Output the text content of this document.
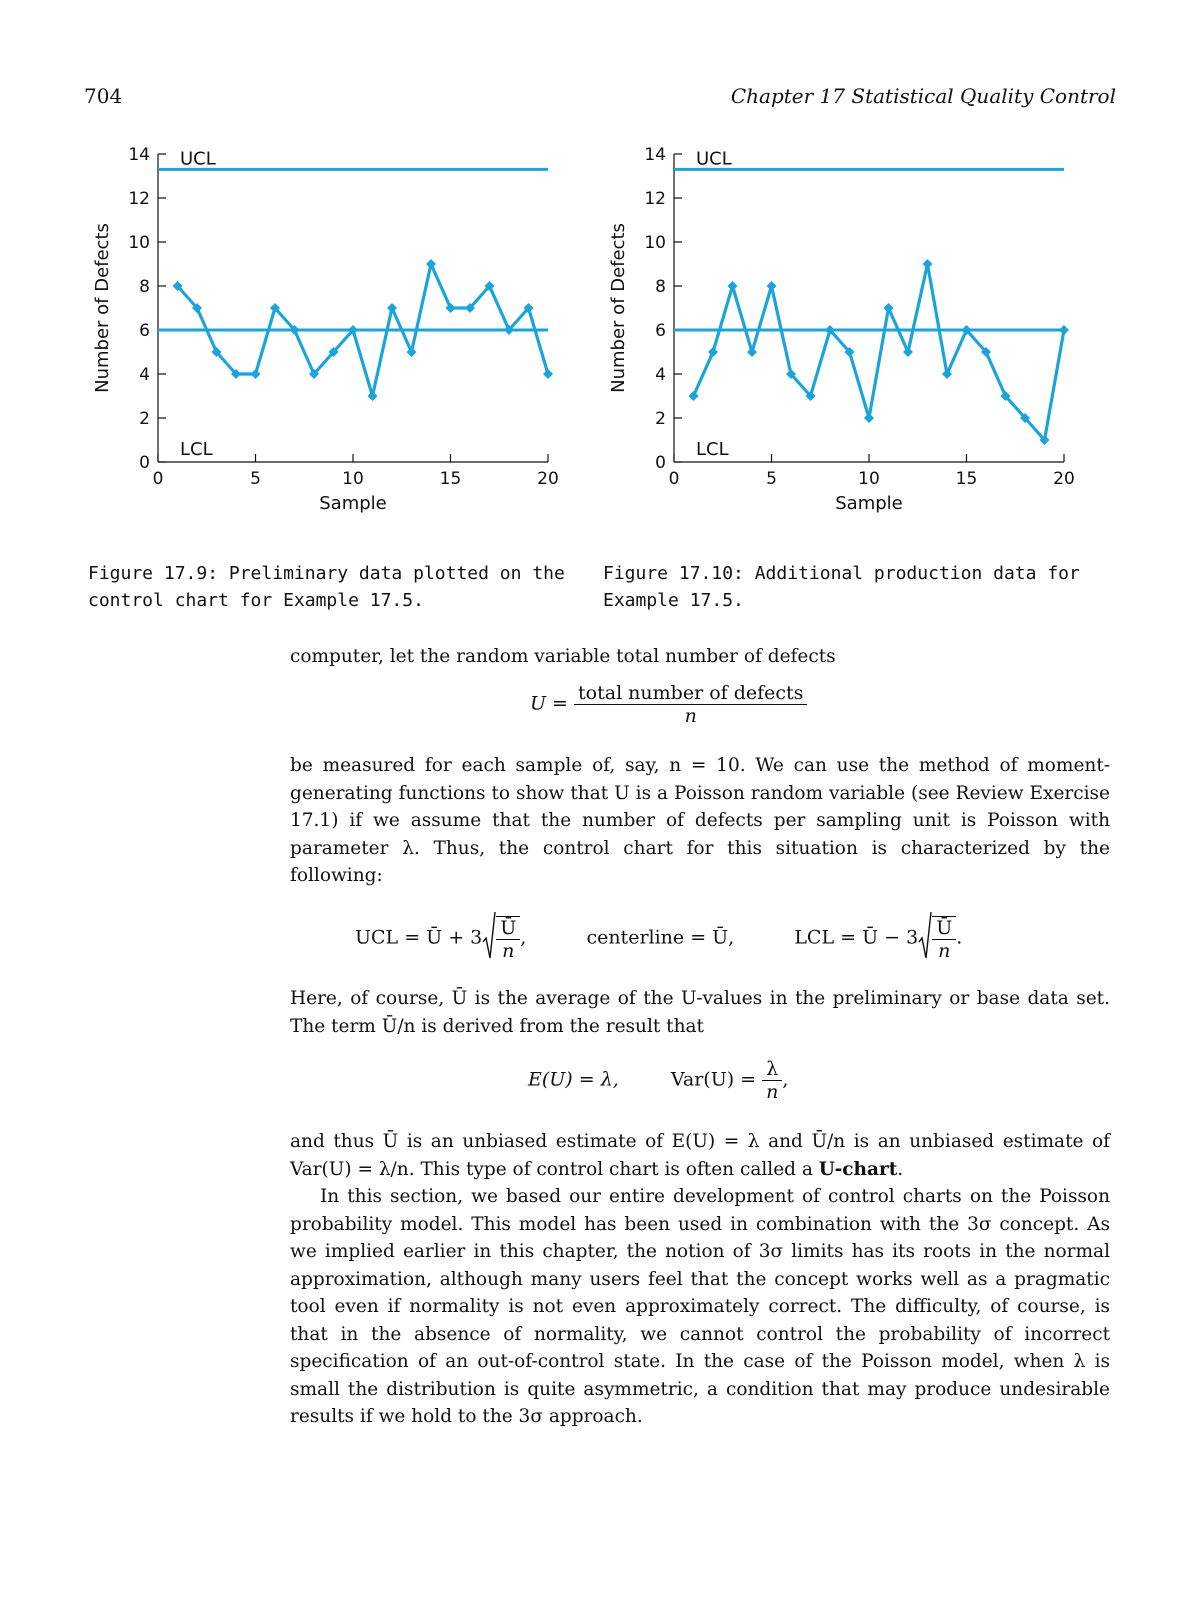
704	Chapter 17 Statistical Quality Control
0
2
4
6
8
10
12
14
0	5	10	15	20
Sample
Number of Defects
UCL
LCL
0
2
4
6
8
10
12
14
0	5	10	15	20
Sample
Number of Defects
UCL
LCL
Figure 17.9: Preliminary data plotted on the control chart for Example 17.5.
Figure 17.10: Additional production data for Example 17.5.
computer, let the random variable total number of defects
$U = \frac{\text{total number of defects}}{n}$
be measured for each sample of, say, n = 10. We can use the method of moment-generating functions to show that U is a Poisson random variable (see Review Exercise 17.1) if we assume that the number of defects per sampling unit is Poisson with parameter λ. Thus, the control chart for this situation is characterized by the following:
UCL = Ū + $3 \frac{Ū}{n}$ ,	centerline = Ū,	LCL = Ū − $3 \frac{Ū}{n}$ .
Here, of course, Ū is the average of the U-values in the preliminary or base data set. The term Ū/n is derived from the result that
E(U) = λ,	$Var(U) = \frac{\lambda}{n}$ ,
and thus Ū is an unbiased estimate of E(U) = λ and Ū/n is an unbiased estimate of Var(U) = λ/n. This type of control chart is often called a U-chart.
In this section, we based our entire development of control charts on the Poisson probability model. This model has been used in combination with the 3σ concept. As we implied earlier in this chapter, the notion of 3σ limits has its roots in the normal approximation, although many users feel that the concept works well as a pragmatic tool even if normality is not even approximately correct. The difficulty, of course, is that in the absence of normality, we cannot control the probability of incorrect specification of an out-of-control state. In the case of the Poisson model, when λ is small the distribution is quite asymmetric, a condition that may produce undesirable results if we hold to the 3σ approach.
